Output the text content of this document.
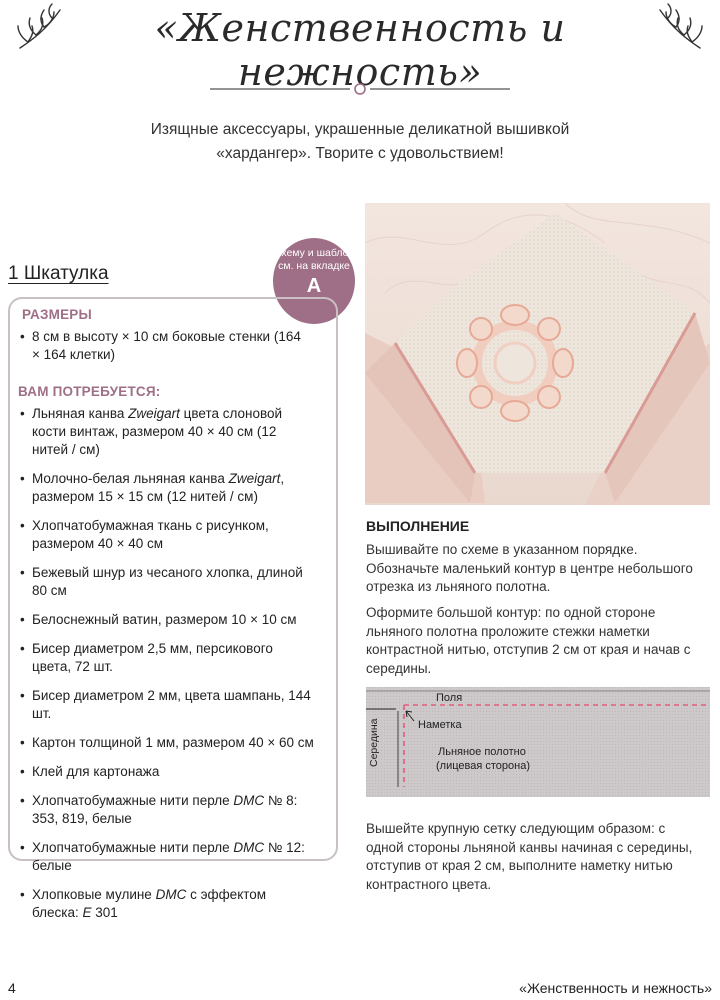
«Женственность и нежность»
Изящные аксессуары, украшенные деликатной вышивкой «хардангер». Творите с удовольствием!
1 Шкатулка
Схему и шаблон см. на вкладке
А
РАЗМЕРЫ
• 8 см в высоту × 10 см боковые стенки (164 × 164 клетки)
ВАМ ПОТРЕБУЕТСЯ:
• Льняная канва Zweigart цвета слоновой кости винтаж, размером 40 × 40 см (12 нитей / см)
• Молочно-белая льняная канва Zweigart, размером 15 × 15 см (12 нитей / см)
• Хлопчатобумажная ткань с рисунком, размером 40 × 40 см
• Бежевый шнур из чесаного хлопка, длиной 80 см
• Белоснежный ватин, размером 10 × 10 см
• Бисер диаметром 2,5 мм, персикового цвета, 72 шт.
• Бисер диаметром 2 мм, цвета шампань, 144 шт.
• Картон толщиной 1 мм, размером 40 × 60 см
• Клей для картонажа
• Хлопчатобумажные нити перле DMC № 8: 353, 819, белые
• Хлопчатобумажные нити перле DMC № 12: белые
• Хлопковые мулине DMC с эффектом блеска: E 301
ВЫПОЛНЕНИЕ
Вышивайте по схеме в указанном порядке. Обозначьте маленький контур в центре небольшого отрезка из льняного полотна.
Оформите большой контур: по одной стороне льняного полотна проложите стежки наметки контрастной нитью, отступив 2 см от края и начав с середины.
Поля
Наметка
Середина	Льняное полотно
(лицевая сторона)
Вышейте крупную сетку следующим образом: с одной стороны льняной канвы начиная с середины, отступив от края 2 см, выполните наметку нитью контрастного цвета.
4	«Женственность и нежность»
